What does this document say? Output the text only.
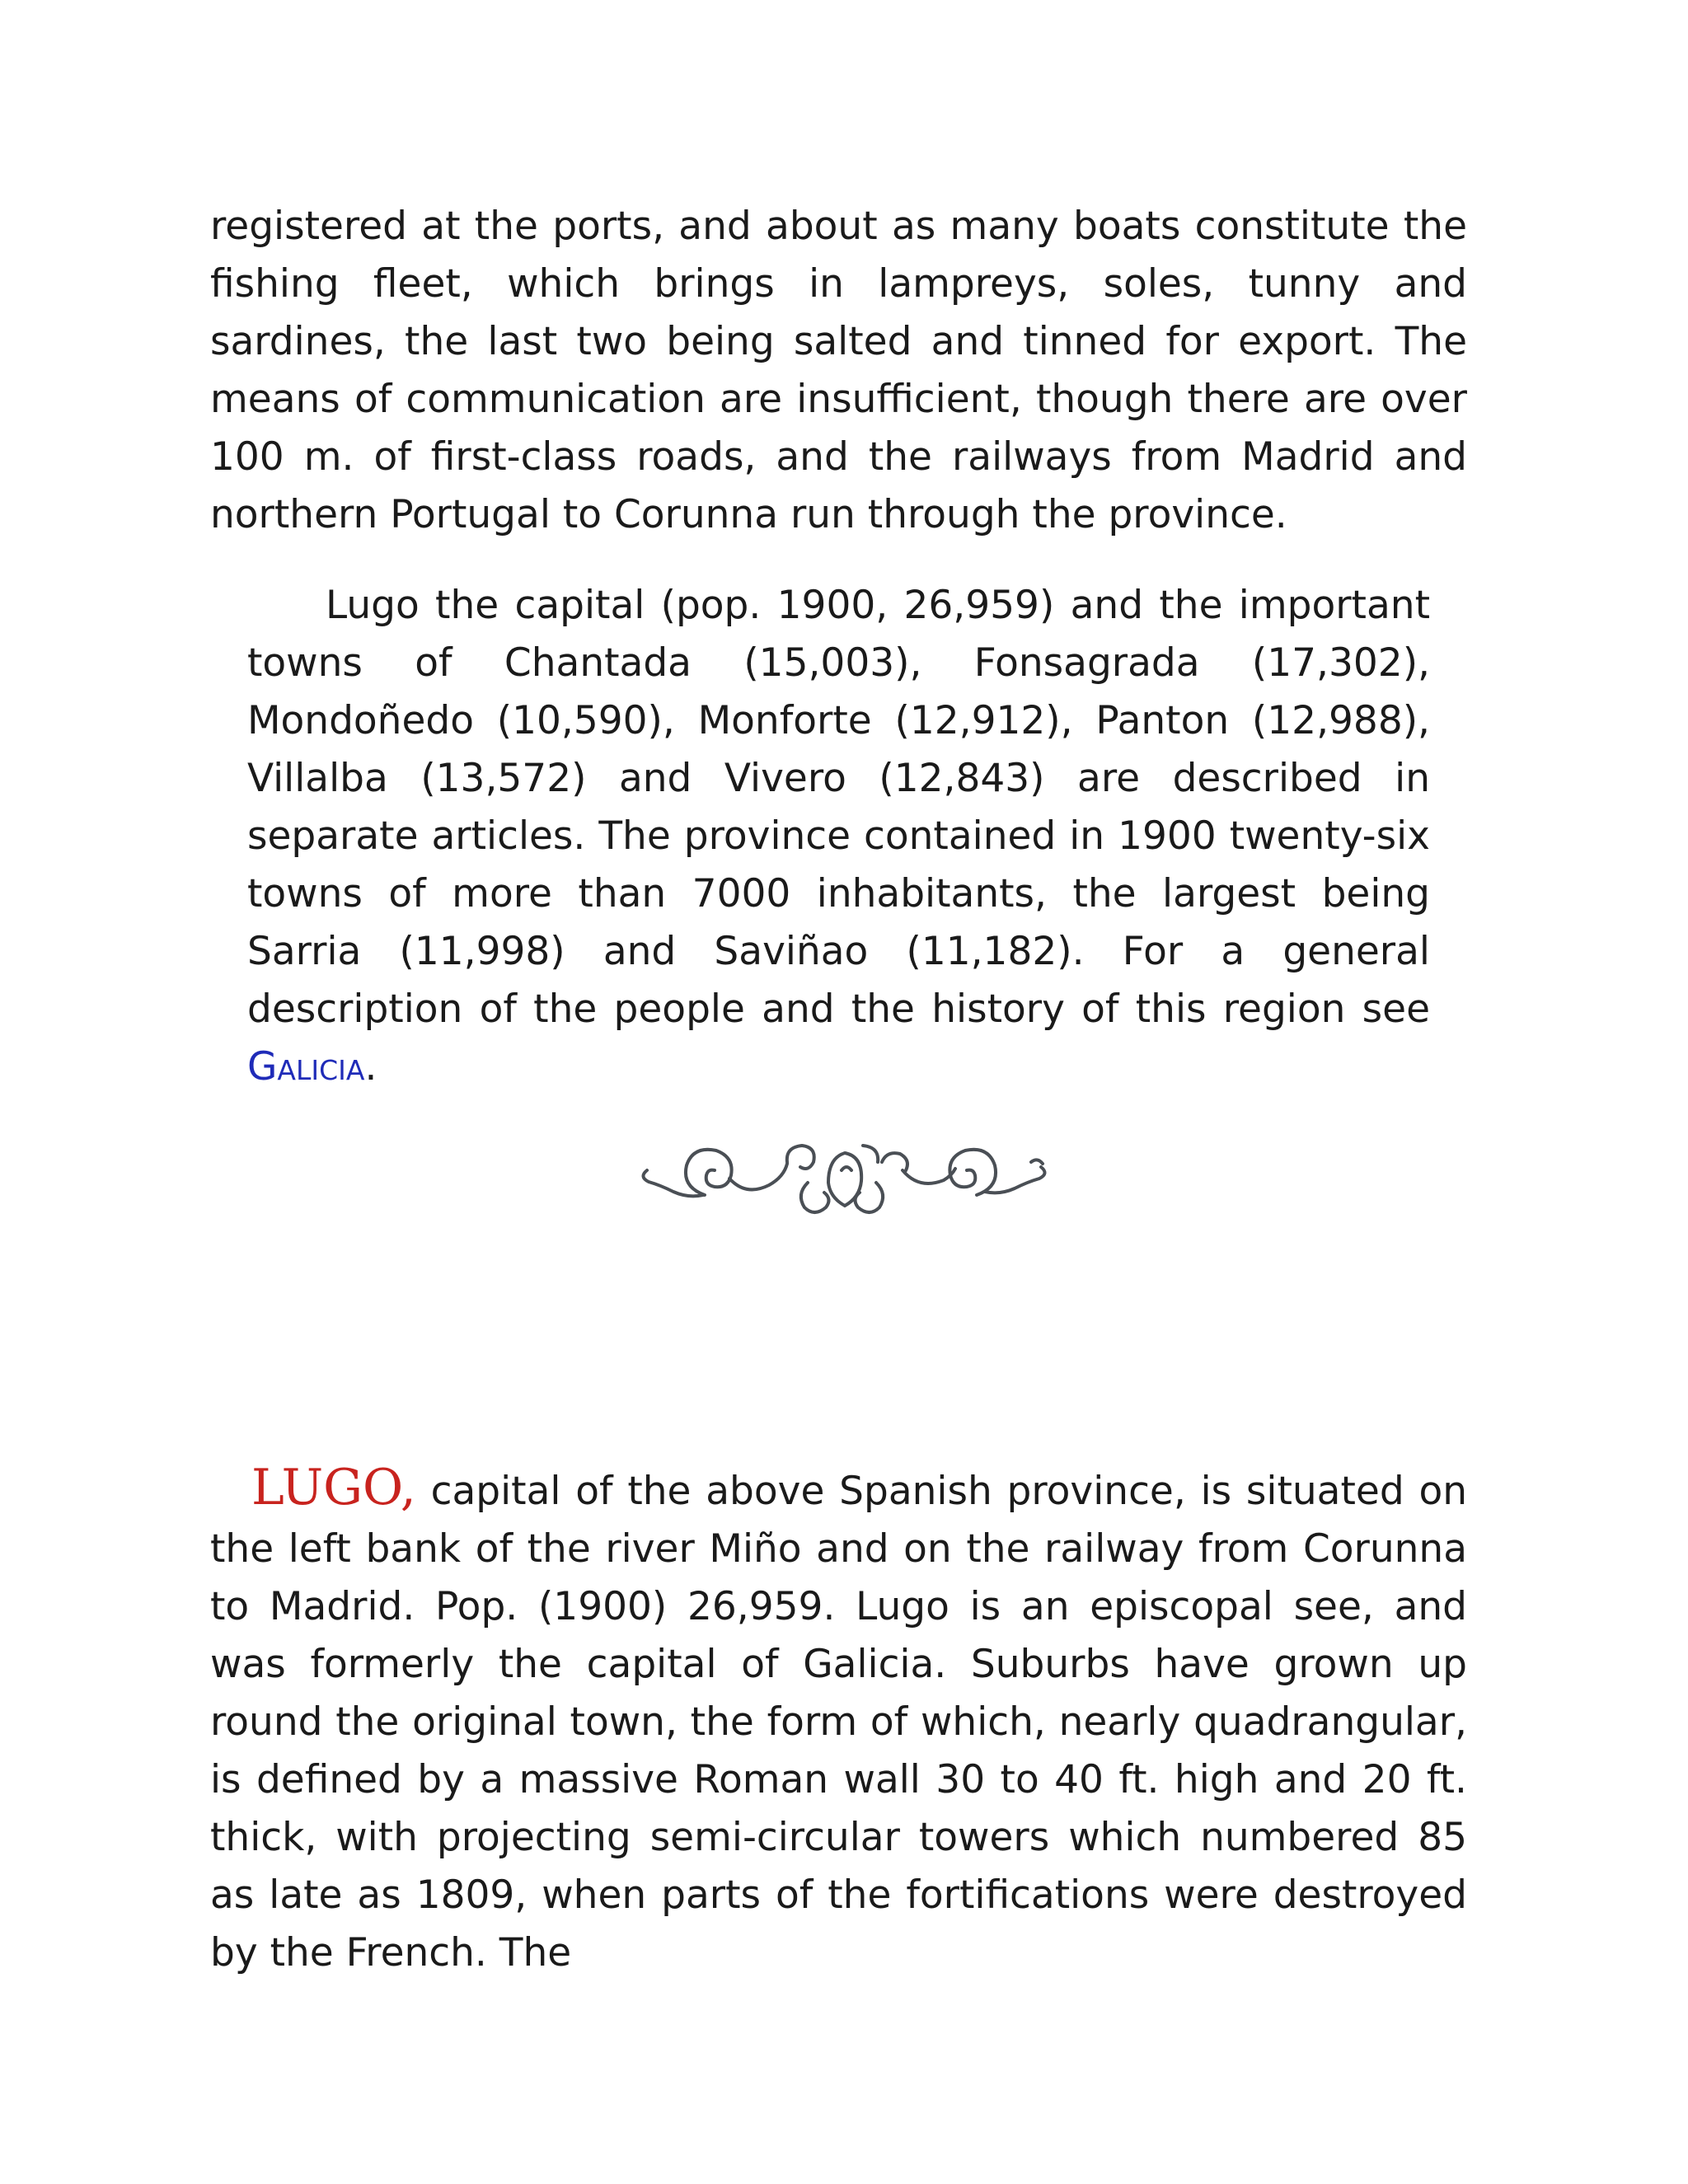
registered at the ports, and about as many boats constitute the fishing fleet, which brings in lampreys, soles, tunny and sardines, the last two being salted and tinned for export. The means of communication are insufficient, though there are over 100 m. of first-class roads, and the railways from Madrid and northern Portugal to Corunna run through the province.

Lugo the capital (pop. 1900, 26,959) and the important towns of Chantada (15,003), Fonsagrada (17,302), Mondoñedo (10,590), Monforte (12,912), Panton (12,988), Villalba (13,572) and Vivero (12,843) are described in separate articles. The province contained in 1900 twenty-six towns of more than 7000 inhabitants, the largest being Sarria (11,998) and Saviñao (11,182). For a general description of the people and the history of this region see Galicia.

LUGO, capital of the above Spanish province, is situated on the left bank of the river Miño and on the railway from Corunna to Madrid. Pop. (1900) 26,959. Lugo is an episcopal see, and was formerly the capital of Galicia. Suburbs have grown up round the original town, the form of which, nearly quadrangular, is defined by a massive Roman wall 30 to 40 ft. high and 20 ft. thick, with projecting semi-circular towers which numbered 85 as late as 1809, when parts of the fortifications were destroyed by the French. The
